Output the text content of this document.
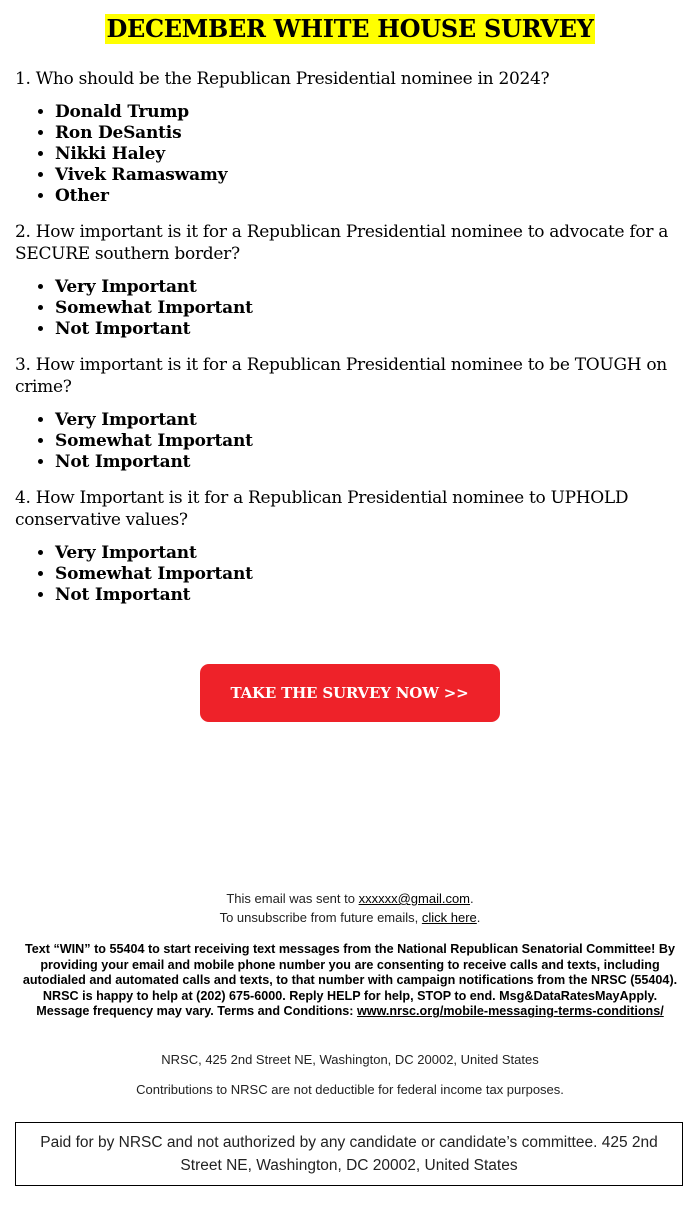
DECEMBER WHITE HOUSE SURVEY

1. Who should be the Republican Presidential nominee in 2024?

• Donald Trump
• Ron DeSantis
• Nikki Haley
• Vivek Ramaswamy
• Other

2. How important is it for a Republican Presidential nominee to advocate for a SECURE southern border?

• Very Important
• Somewhat Important
• Not Important

3. How important is it for a Republican Presidential nominee to be TOUGH on crime?

• Very Important
• Somewhat Important
• Not Important

4. How Important is it for a Republican Presidential nominee to UPHOLD conservative values?

• Very Important
• Somewhat Important
• Not Important
TAKE THE SURVEY NOW >>
This email was sent to xxxxxx@gmail.com.
To unsubscribe from future emails, click here.
Text “WIN” to 55404 to start receiving text messages from the National Republican Senatorial Committee! By providing your email and mobile phone number you are consenting to receive calls and texts, including autodialed and automated calls and texts, to that number with campaign notifications from the NRSC (55404). NRSC is happy to help at (202) 675-6000. Reply HELP for help, STOP to end. Msg&DataRatesMayApply. Message frequency may vary. Terms and Conditions: www.nrsc.org/mobile-messaging-terms-conditions/
NRSC, 425 2nd Street NE, Washington, DC 20002, United States
Contributions to NRSC are not deductible for federal income tax purposes.
Paid for by NRSC and not authorized by any candidate or candidate’s committee. 425 2nd Street NE, Washington, DC 20002, United States
